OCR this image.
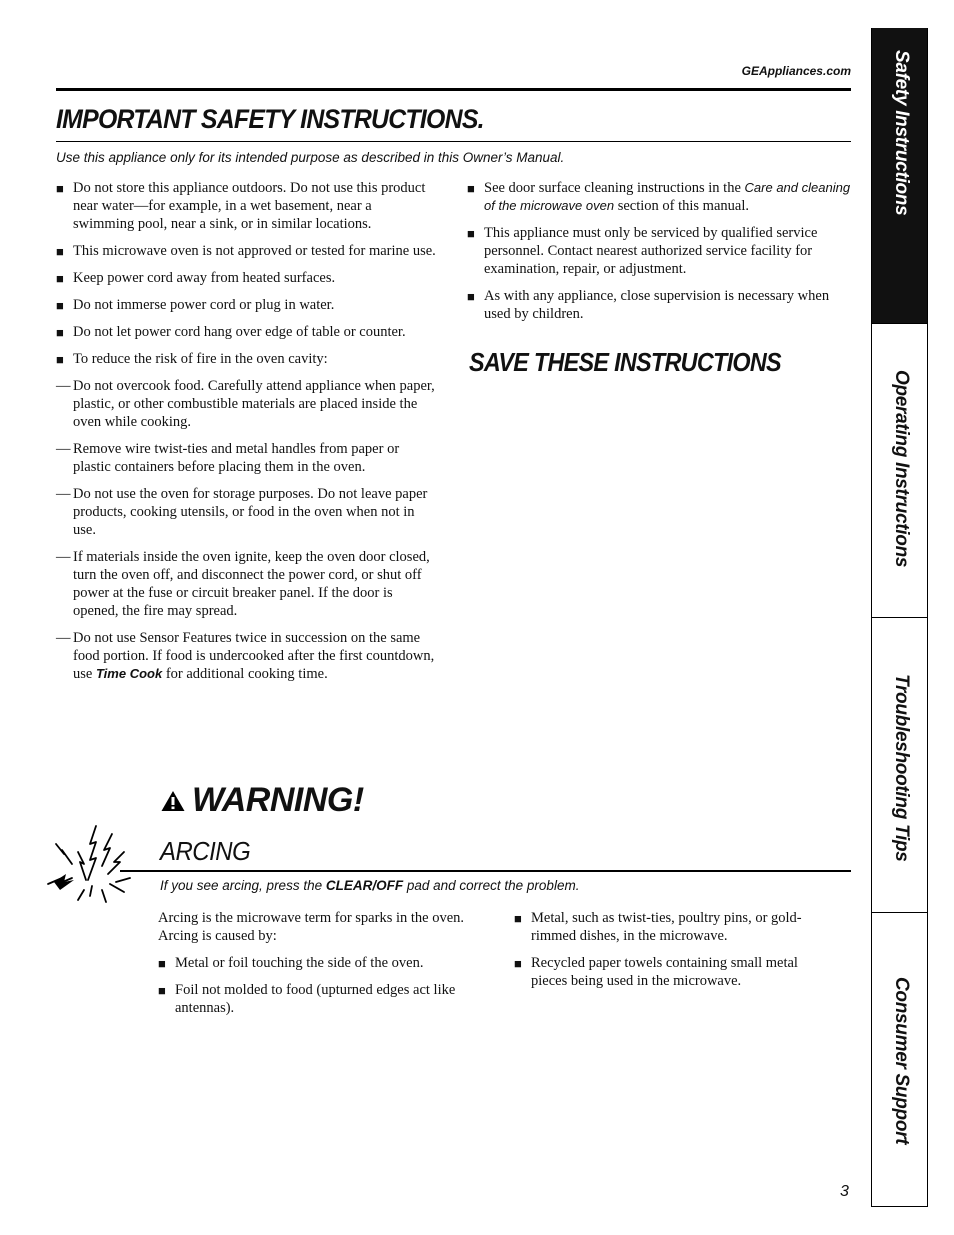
GEAppliances.com
IMPORTANT SAFETY INSTRUCTIONS.
Use this appliance only for its intended purpose as described in this Owner’s Manual.
■ Do not store this appliance outdoors. Do not use this product near water—for example, in a wet basement, near a swimming pool, near a sink, or in similar locations.
■ This microwave oven is not approved or tested for marine use.
■ Keep power cord away from heated surfaces.
■ Do not immerse power cord or plug in water.
■ Do not let power cord hang over edge of table or counter.
■ To reduce the risk of fire in the oven cavity:
— Do not overcook food. Carefully attend appliance when paper, plastic, or other combustible materials are placed inside the oven while cooking.
— Remove wire twist-ties and metal handles from paper or plastic containers before placing them in the oven.
— Do not use the oven for storage purposes. Do not leave paper products, cooking utensils, or food in the oven when not in use.
— If materials inside the oven ignite, keep the oven door closed, turn the oven off, and disconnect the power cord, or shut off power at the fuse or circuit breaker panel. If the door is opened, the fire may spread.
— Do not use Sensor Features twice in succession on the same food portion. If food is undercooked after the first countdown, use Time Cook for additional cooking time.
■ See door surface cleaning instructions in the Care and cleaning of the microwave oven section of this manual.
■ This appliance must only be serviced by qualified service personnel. Contact nearest authorized service facility for examination, repair, or adjustment.
■ As with any appliance, close supervision is necessary when used by children.
SAVE THESE INSTRUCTIONS
WARNING!
ARCING
If you see arcing, press the CLEAR/OFF pad and correct the problem.
Arcing is the microwave term for sparks in the oven. Arcing is caused by:
■ Metal or foil touching the side of the oven.
■ Foil not molded to food (upturned edges act like antennas).
■ Metal, such as twist-ties, poultry pins, or gold-rimmed dishes, in the microwave.
■ Recycled paper towels containing small metal pieces being used in the microwave.
Safety Instructions
Operating Instructions
Troubleshooting Tips
Consumer Support
3
